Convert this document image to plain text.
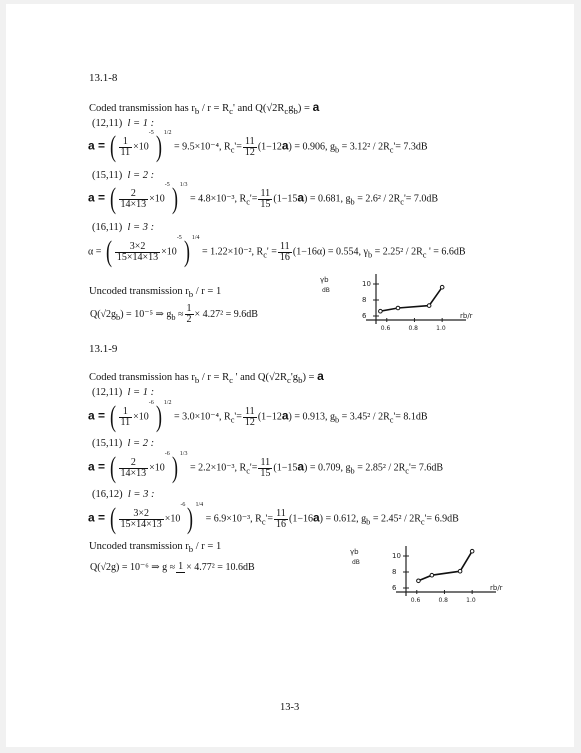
13.1-8
Coded transmission has $r_b / r = R_c'$ and $Q(√2R_cg_b) = a$
(12,11) l = 1 :
a = ( $\frac{1}{11} \times 10^{-5}$) $^{1/2}$ = 9.5×10⁻⁴, $R_c'= \frac{11}{12} (1-12a) = 0.906$, $g_b = 3.12^2 / 2R_c'= 7.3dB$
(15,11) l = 2 :
a = ( $\frac{2}{14\times 13} \times 10^{-5}$) $^{1/3}$ = 4.8×10⁻³, $R_c'= \frac{11}{15} (1-15a) = 0.681$, $g_b = 2.6^2 / 2R_c'= 7.0dB$
(16,11) l = 3 :
α = ( $\frac{3\times 2}{15\times 14\times 13} \times 10^{-5}$) $^{1/4}$ = 1.22×10⁻², $R_c' = \frac{11}{16} (1-16\alpha) = 0.554$, $\gamma_b = 2.25^2 / 2R_c$ ' = 6.6dB
Uncoded transmission $r_b / r = 1$
$Q(√2g_b) = 10^{-5}$ ⇒ $g_b \approx \frac{1}{2} \times 4.27^2 = 9.6dB$
13.1-9
Coded transmission has $r_b / r = R_c$ ' and $Q(√2R_c'g_b) = a$
(12,11) l = 1 :
a = ( $\frac{1}{11} \times 10^{-6}$) $^{1/2}$ = 3.0×10⁻⁴, $R_c'= \frac{11}{12} (1-12a) = 0.913$, $g_b = 3.45^2 / 2R_c'= 8.1dB$
(15,11) l = 2 :
a = ( $\frac{2}{14\times 13} \times 10^{-6}$) $^{1/3}$ = 2.2×10⁻³, $R_c'= \frac{11}{15} (1-15a) = 0.709$, $g_b = 2.85^2 / 2R_c'= 7.6dB$
(16,12) l = 3 :
a = ( $\frac{3\times 2}{15\times 14\times 13} \times 10^{-6}$) $^{1/4}$ = 6.9×10⁻³, $R_c'= \frac{11}{16} (1-16a) = 0.612$, $g_b = 2.45^2 / 2R_c'= 6.9dB$
Uncoded transmission $r_b / r = 1$
Q(√2g) = 10⁻⁶ ⇒ g ≈ 1 × 4.77² = 10.6dB
γb
dB
rb/r
6
8
10
0.6	0.8	1.0
γb
dB
rb/r
6
8
10
0.6	0.8	1.0
13-3
